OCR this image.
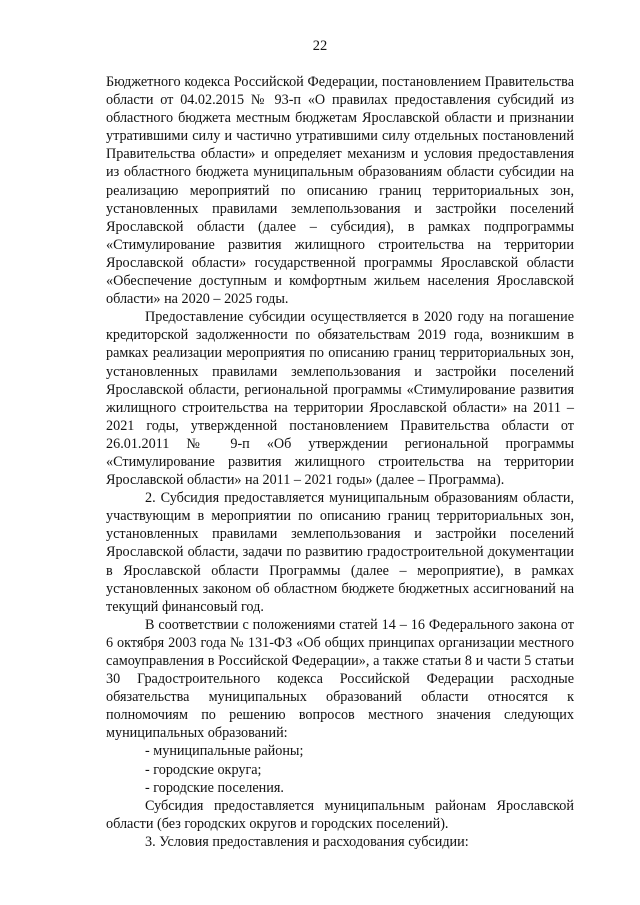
22

Бюджетного кодекса Российской Федерации, постановлением Правительства области от 04.02.2015 № 93-п «О правилах предоставления субсидий из областного бюджета местным бюджетам Ярославской области и признании утратившими силу и частично утратившими силу отдельных постановлений Правительства области» и определяет механизм и условия предоставления из областного бюджета муниципальным образованиям области субсидии на реализацию мероприятий по описанию границ территориальных зон, установленных правилами землепользования и застройки поселений Ярославской области (далее – субсидия), в рамках подпрограммы «Стимулирование развития жилищного строительства на территории Ярославской области» государственной программы Ярославской области «Обеспечение доступным и комфортным жильем населения Ярославской области» на 2020 – 2025 годы.

Предоставление субсидии осуществляется в 2020 году на погашение кредиторской задолженности по обязательствам 2019 года, возникшим в рамках реализации мероприятия по описанию границ территориальных зон, установленных правилами землепользования и застройки поселений Ярославской области, региональной программы «Стимулирование развития жилищного строительства на территории Ярославской области» на 2011 – 2021 годы, утвержденной постановлением Правительства области от 26.01.2011 № 9-п «Об утверждении региональной программы «Стимулирование развития жилищного строительства на территории Ярославской области» на 2011 – 2021 годы» (далее – Программа).

2. Субсидия предоставляется муниципальным образованиям области, участвующим в мероприятии по описанию границ территориальных зон, установленных правилами землепользования и застройки поселений Ярославской области, задачи по развитию градостроительной документации в Ярославской области Программы (далее – мероприятие), в рамках установленных законом об областном бюджете бюджетных ассигнований на текущий финансовый год.

В соответствии с положениями статей 14 – 16 Федерального закона от 6 октября 2003 года № 131-ФЗ «Об общих принципах организации местного самоуправления в Российской Федерации», а также статьи 8 и части 5 статьи 30 Градостроительного кодекса Российской Федерации расходные обязательства муниципальных образований области относятся к полномочиям по решению вопросов местного значения следующих муниципальных образований:

- муниципальные районы;

- городские округа;

- городские поселения.

Субсидия предоставляется муниципальным районам Ярославской области (без городских округов и городских поселений).

3. Условия предоставления и расходования субсидии:
